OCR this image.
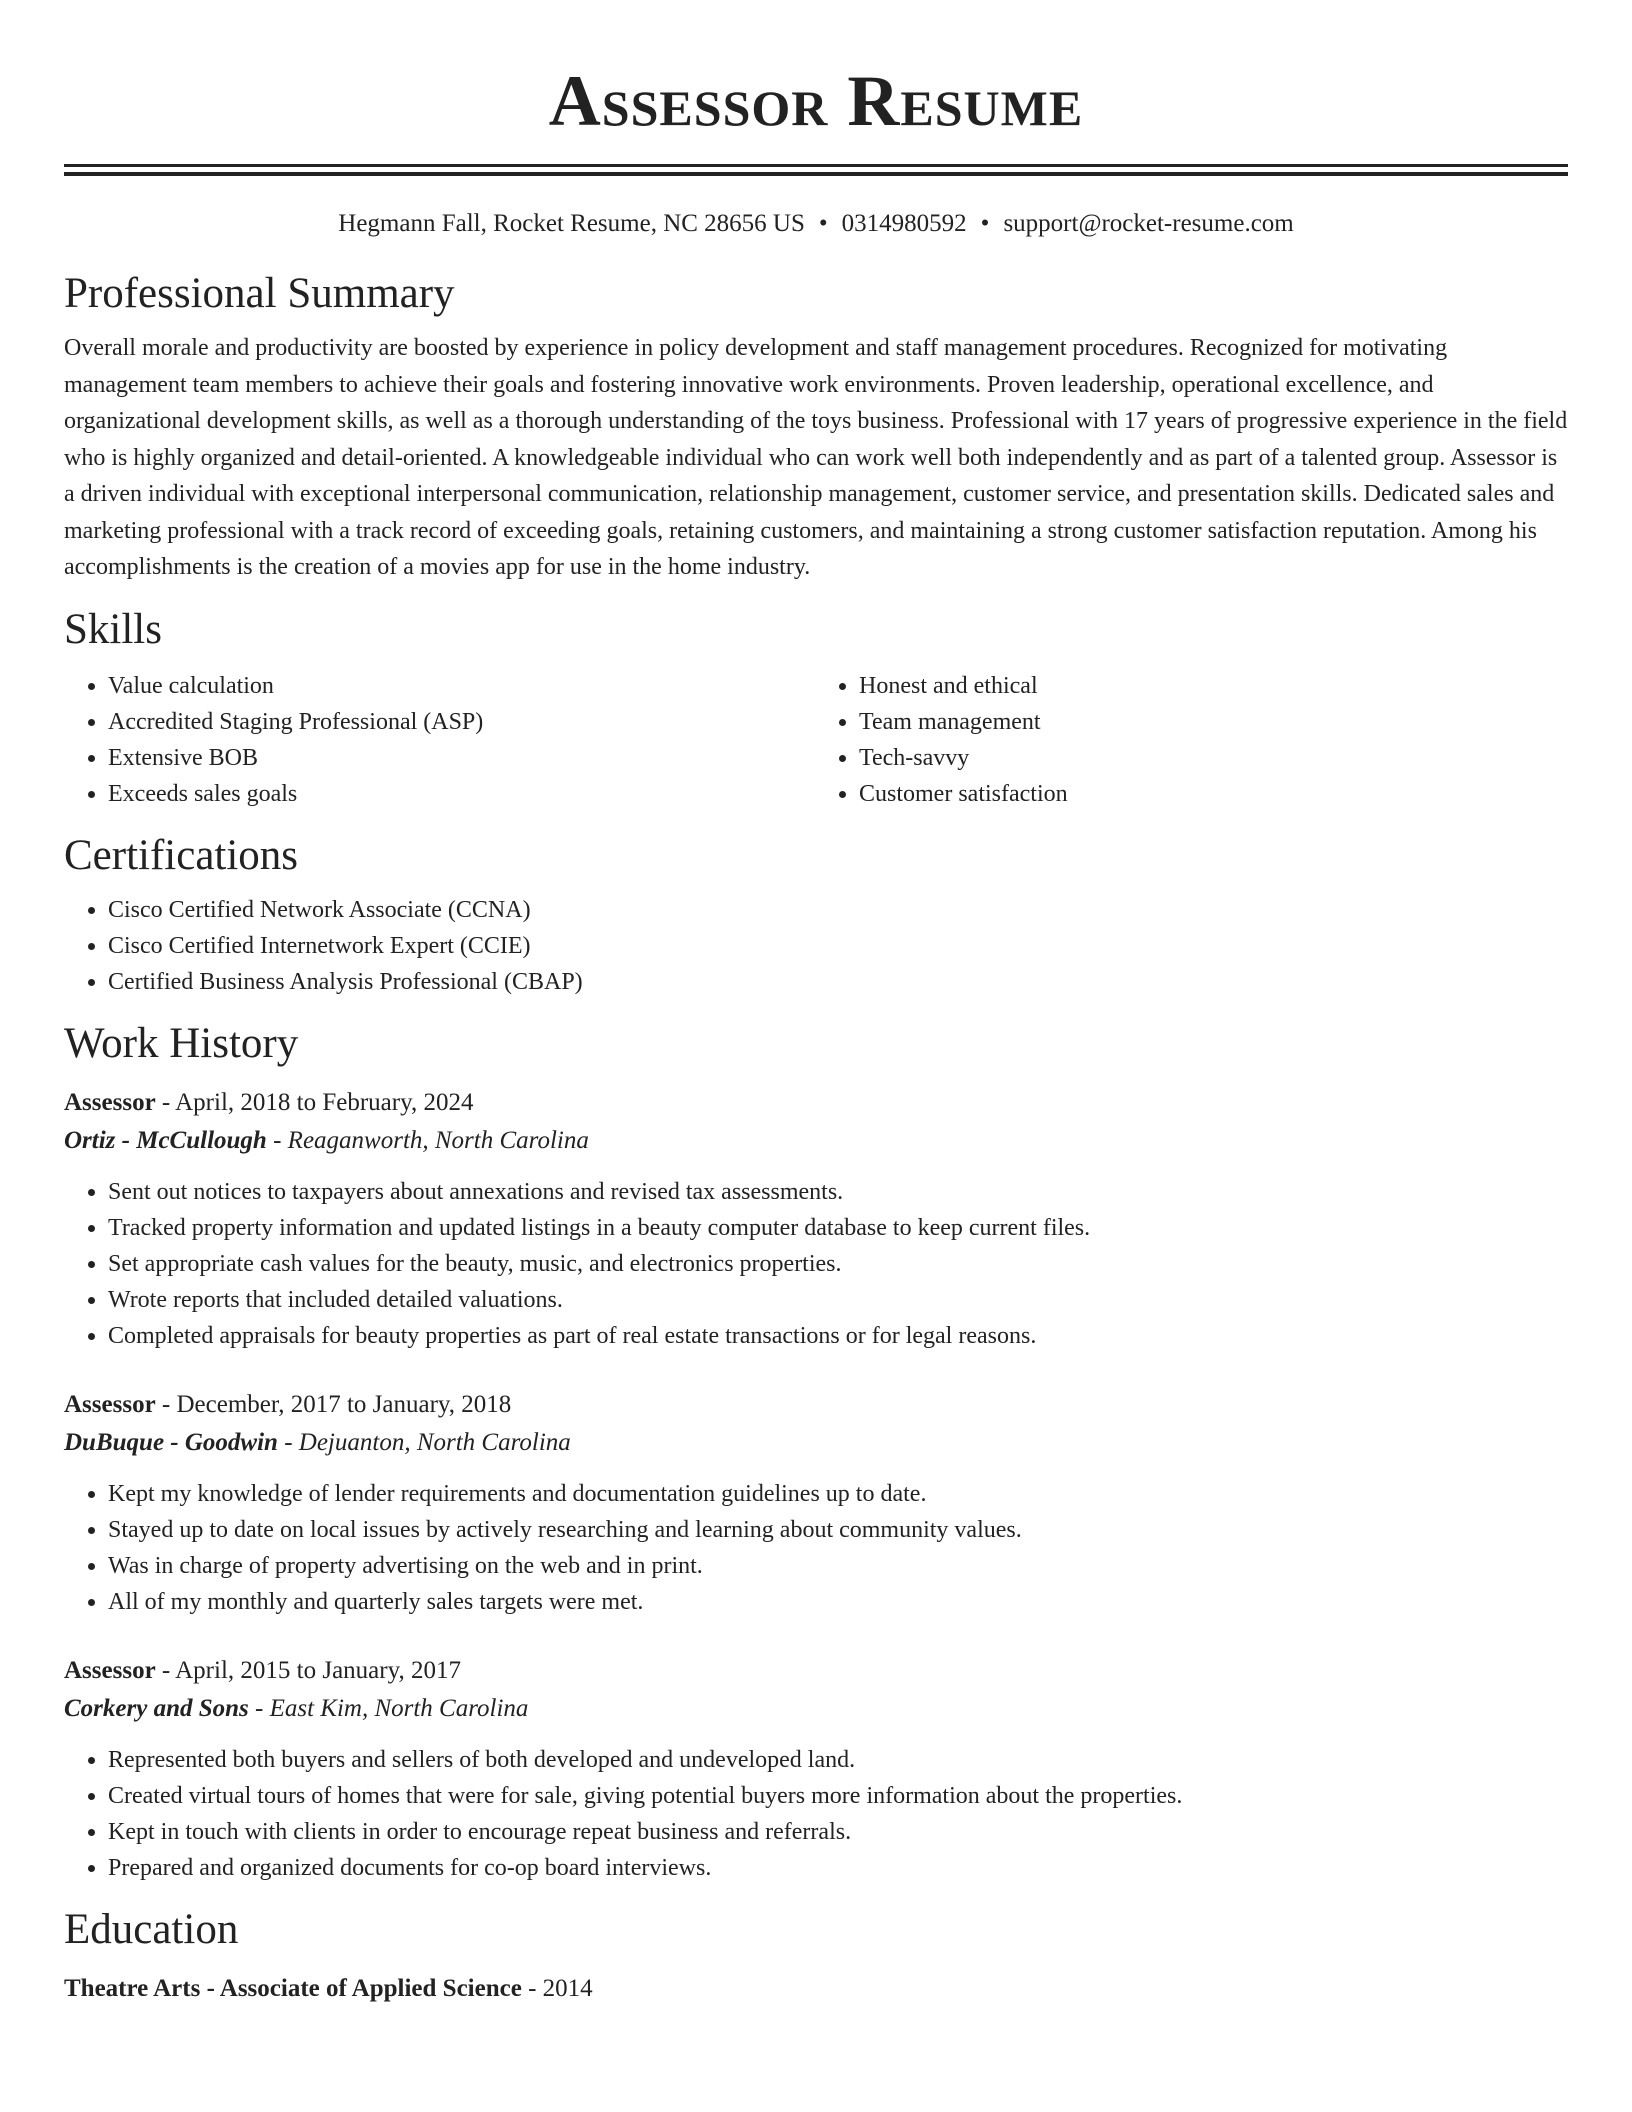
Assessor Resume
Hegmann Fall, Rocket Resume, NC 28656 US • 0314980592 • support@rocket-resume.com
Professional Summary

Overall morale and productivity are boosted by experience in policy development and staff management procedures. Recognized for motivating management team members to achieve their goals and fostering innovative work environments. Proven leadership, operational excellence, and organizational development skills, as well as a thorough understanding of the toys business. Professional with 17 years of progressive experience in the field who is highly organized and detail-oriented. A knowledgeable individual who can work well both independently and as part of a talented group. Assessor is a driven individual with exceptional interpersonal communication, relationship management, customer service, and presentation skills. Dedicated sales and marketing professional with a track record of exceeding goals, retaining customers, and maintaining a strong customer satisfaction reputation. Among his accomplishments is the creation of a movies app for use in the home industry.

Skills
• Value calculation
• Accredited Staging Professional (ASP)
• Extensive BOB
• Exceeds sales goals
• Honest and ethical
• Team management
• Tech-savvy
• Customer satisfaction
Certifications
• Cisco Certified Network Associate (CCNA)
• Cisco Certified Internetwork Expert (CCIE)
• Certified Business Analysis Professional (CBAP)
Work History
Assessor - April, 2018 to February, 2024
Ortiz - McCullough - Reaganworth, North Carolina
• Sent out notices to taxpayers about annexations and revised tax assessments.
• Tracked property information and updated listings in a beauty computer database to keep current files.
• Set appropriate cash values for the beauty, music, and electronics properties.
• Wrote reports that included detailed valuations.
• Completed appraisals for beauty properties as part of real estate transactions or for legal reasons.
Assessor - December, 2017 to January, 2018
DuBuque - Goodwin - Dejuanton, North Carolina
• Kept my knowledge of lender requirements and documentation guidelines up to date.
• Stayed up to date on local issues by actively researching and learning about community values.
• Was in charge of property advertising on the web and in print.
• All of my monthly and quarterly sales targets were met.
Assessor - April, 2015 to January, 2017
Corkery and Sons - East Kim, North Carolina
• Represented both buyers and sellers of both developed and undeveloped land.
• Created virtual tours of homes that were for sale, giving potential buyers more information about the properties.
• Kept in touch with clients in order to encourage repeat business and referrals.
• Prepared and organized documents for co-op board interviews.
Education
Theatre Arts - Associate of Applied Science - 2014
